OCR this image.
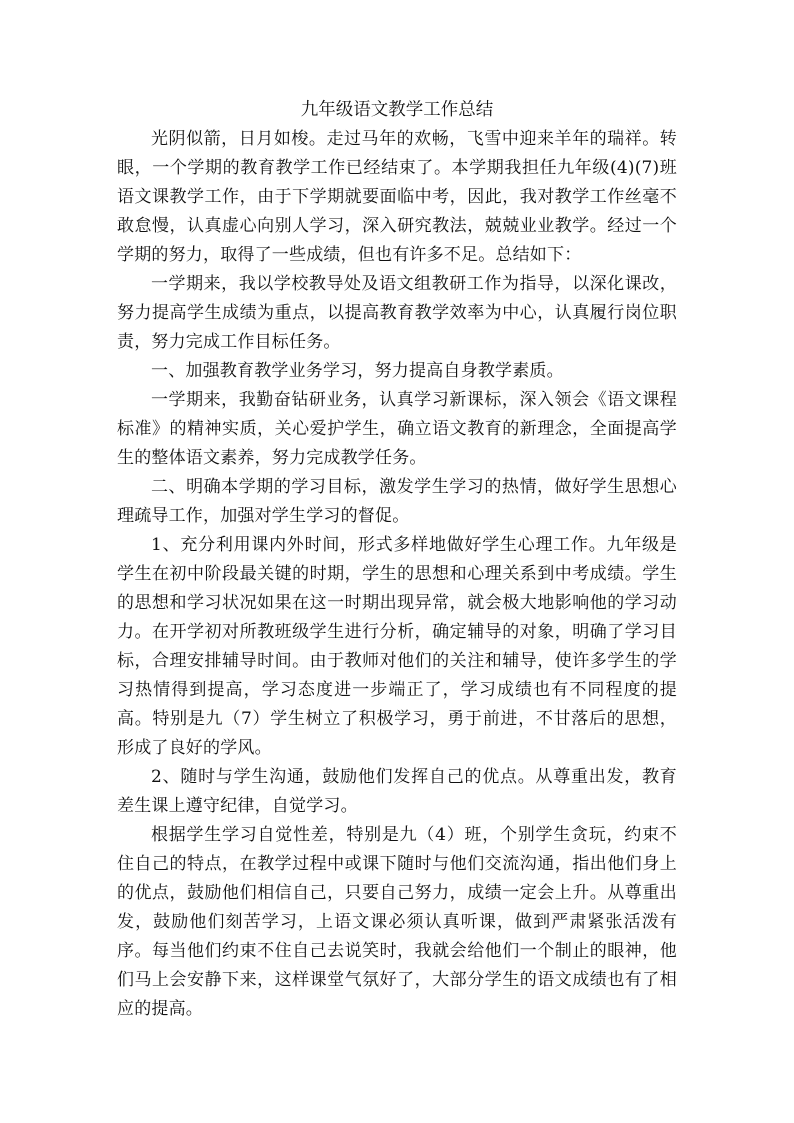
九年级语文教学工作总结

光阴似箭，日月如梭。走过马年的欢畅，飞雪中迎来羊年的瑞祥。转眼，一个学期的教育教学工作已经结束了。本学期我担任九年级(4)(7)班语文课教学工作，由于下学期就要面临中考，因此，我对教学工作丝毫不敢怠慢，认真虚心向别人学习，深入研究教法，兢兢业业教学。经过一个学期的努力，取得了一些成绩，但也有许多不足。总结如下：

一学期来，我以学校教导处及语文组教研工作为指导，以深化课改，努力提高学生成绩为重点，以提高教育教学效率为中心，认真履行岗位职责，努力完成工作目标任务。

一、加强教育教学业务学习，努力提高自身教学素质。

一学期来，我勤奋钻研业务，认真学习新课标，深入领会《语文课程标准》的精神实质，关心爱护学生，确立语文教育的新理念，全面提高学生的整体语文素养，努力完成教学任务。

二、明确本学期的学习目标，激发学生学习的热情，做好学生思想心理疏导工作，加强对学生学习的督促。

1、充分利用课内外时间，形式多样地做好学生心理工作。九年级是学生在初中阶段最关键的时期，学生的思想和心理关系到中考成绩。学生的思想和学习状况如果在这一时期出现异常，就会极大地影响他的学习动力。在开学初对所教班级学生进行分析，确定辅导的对象，明确了学习目标，合理安排辅导时间。由于教师对他们的关注和辅导，使许多学生的学习热情得到提高，学习态度进一步端正了，学习成绩也有不同程度的提高。特别是九（7）学生树立了积极学习，勇于前进，不甘落后的思想，形成了良好的学风。

2、随时与学生沟通，鼓励他们发挥自己的优点。从尊重出发，教育差生课上遵守纪律，自觉学习。

根据学生学习自觉性差，特别是九（4）班，个别学生贪玩，约束不住自己的特点，在教学过程中或课下随时与他们交流沟通，指出他们身上的优点，鼓励他们相信自己，只要自己努力，成绩一定会上升。从尊重出发，鼓励他们刻苦学习，上语文课必须认真听课，做到严肃紧张活泼有序。每当他们约束不住自己去说笑时，我就会给他们一个制止的眼神，他们马上会安静下来，这样课堂气氛好了，大部分学生的语文成绩也有了相应的提高。
